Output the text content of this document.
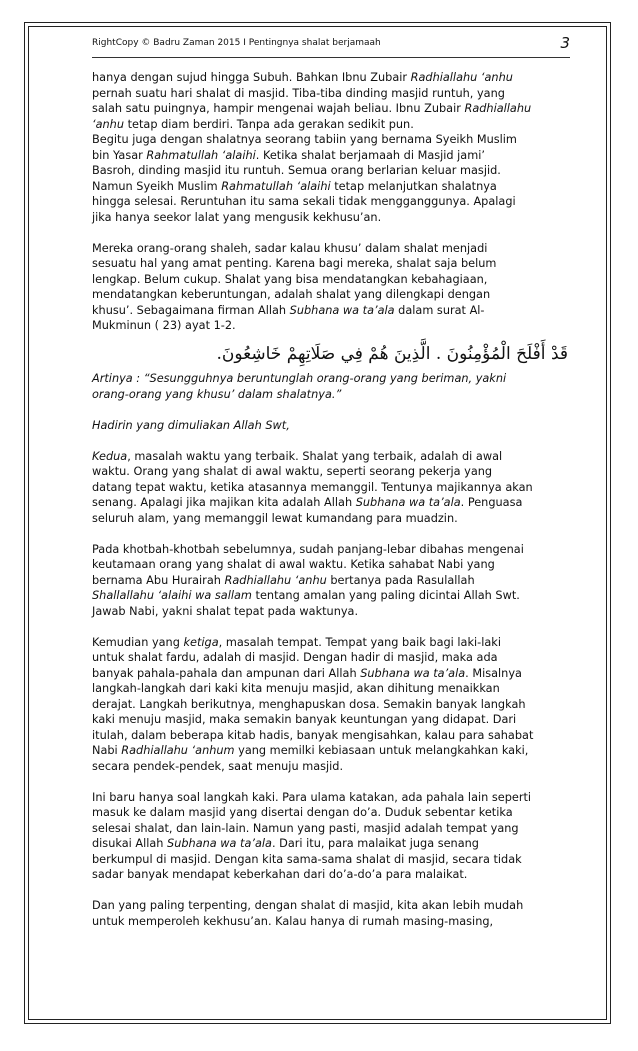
RightCopy © Badru Zaman 2015 I Pentingnya shalat berjamaah	3

hanya dengan sujud hingga Subuh. Bahkan Ibnu Zubair Radhiallahu ‘anhu
pernah suatu hari shalat di masjid. Tiba-tiba dinding masjid runtuh, yang
salah satu puingnya, hampir mengenai wajah beliau. Ibnu Zubair Radhiallahu
‘anhu tetap diam berdiri. Tanpa ada gerakan sedikit pun.
Begitu juga dengan shalatnya seorang tabiin yang bernama Syeikh Muslim
bin Yasar Rahmatullah ‘alaihi. Ketika shalat berjamaah di Masjid jami’
Basroh, dinding masjid itu runtuh. Semua orang berlarian keluar masjid.
Namun Syeikh Muslim Rahmatullah ‘alaihi tetap melanjutkan shalatnya
hingga selesai. Reruntuhan itu sama sekali tidak mengganggunya. Apalagi
jika hanya seekor lalat yang mengusik kekhusu’an.

Mereka orang-orang shaleh, sadar kalau khusu’ dalam shalat menjadi
sesuatu hal yang amat penting. Karena bagi mereka, shalat saja belum
lengkap. Belum cukup. Shalat yang bisa mendatangkan kebahagiaan,
mendatangkan keberuntungan, adalah shalat yang dilengkapi dengan
khusu’. Sebagaimana firman Allah Subhana wa ta’ala dalam surat Al-
Mukminun ( 23) ayat 1-2.

قَدْ أَفْلَحَ الْمُؤْمِنُونَ . الَّذِينَ هُمْ فِي صَلَاتِهِمْ خَاشِعُونَ.

Artinya : “Sesungguhnya beruntunglah orang-orang yang beriman, yakni
orang-orang yang khusu’ dalam shalatnya.”

Hadirin yang dimuliakan Allah Swt,

Kedua, masalah waktu yang terbaik. Shalat yang terbaik, adalah di awal
waktu. Orang yang shalat di awal waktu, seperti seorang pekerja yang
datang tepat waktu, ketika atasannya memanggil. Tentunya majikannya akan
senang. Apalagi jika majikan kita adalah Allah Subhana wa ta’ala. Penguasa
seluruh alam, yang memanggil lewat kumandang para muadzin.

Pada khotbah-khotbah sebelumnya, sudah panjang-lebar dibahas mengenai
keutamaan orang yang shalat di awal waktu. Ketika sahabat Nabi yang
bernama Abu Hurairah Radhiallahu ‘anhu bertanya pada Rasulallah
Shallallahu ‘alaihi wa sallam tentang amalan yang paling dicintai Allah Swt.
Jawab Nabi, yakni shalat tepat pada waktunya.

Kemudian yang ketiga, masalah tempat. Tempat yang baik bagi laki-laki
untuk shalat fardu, adalah di masjid. Dengan hadir di masjid, maka ada
banyak pahala-pahala dan ampunan dari Allah Subhana wa ta’ala. Misalnya
langkah-langkah dari kaki kita menuju masjid, akan dihitung menaikkan
derajat. Langkah berikutnya, menghapuskan dosa. Semakin banyak langkah
kaki menuju masjid, maka semakin banyak keuntungan yang didapat. Dari
itulah, dalam beberapa kitab hadis, banyak mengisahkan, kalau para sahabat
Nabi Radhiallahu ‘anhum yang memilki kebiasaan untuk melangkahkan kaki,
secara pendek-pendek, saat menuju masjid.

Ini baru hanya soal langkah kaki. Para ulama katakan, ada pahala lain seperti
masuk ke dalam masjid yang disertai dengan do’a. Duduk sebentar ketika
selesai shalat, dan lain-lain. Namun yang pasti, masjid adalah tempat yang
disukai Allah Subhana wa ta’ala. Dari itu, para malaikat juga senang
berkumpul di masjid. Dengan kita sama-sama shalat di masjid, secara tidak
sadar banyak mendapat keberkahan dari do’a-do’a para malaikat.

Dan yang paling terpenting, dengan shalat di masjid, kita akan lebih mudah
untuk memperoleh kekhusu’an. Kalau hanya di rumah masing-masing,
